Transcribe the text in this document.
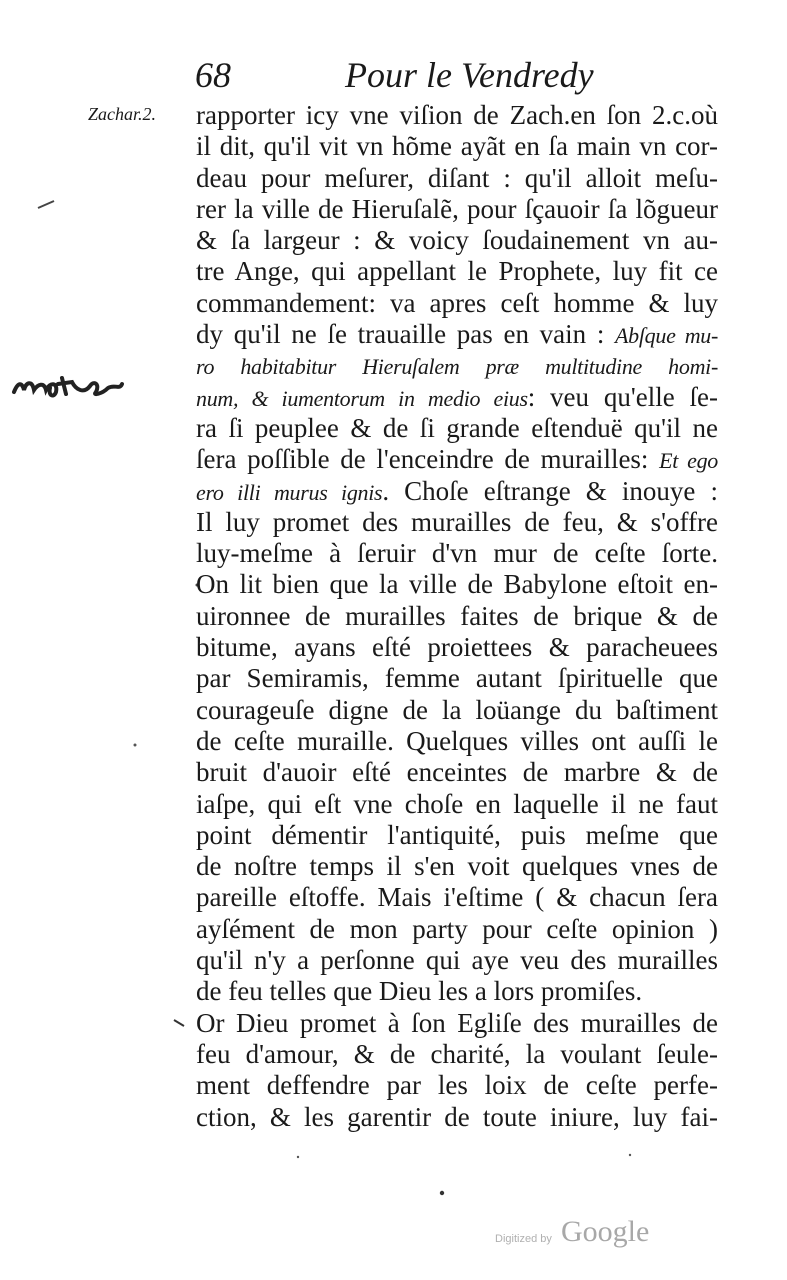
68	Pour le Vendredy
Zachar.2. rapporter icy vne viſion de Zach.en ſon 2.c.où
il dit, qu'il vit vn hõme ayãt en ſa main vn cor-
deau pour meſurer, diſant : qu'il alloit meſu-
rer la ville de Hieruſalẽ, pour ſçauoir ſa lõgueur
& ſa largeur : & voicy ſoudainement vn au-
tre Ange, qui appellant le Prophete, luy fit ce
commandement: va apres ceſt homme & luy
dy qu'il ne ſe trauaille pas en vain : Abſque mu-
ro habitabitur Hieruſalem præ multitudine homi-
num, & iumentorum in medio eius: veu qu'elle ſe-
ra ſi peuplee & de ſi grande eſtenduë qu'il ne
ſera poſſible de l'enceindre de murailles: Et ego
ero illi murus ignis. Choſe eſtrange & inouye :
Il luy promet des murailles de feu, & s'offre
luy-meſme à ſeruir d'vn mur de ceſte ſorte.
On lit bien que la ville de Babylone eſtoit en-
uironnee de murailles faites de brique & de
bitume, ayans eſté proiettees & paracheuees
par Semiramis, femme autant ſpirituelle que
courageuſe digne de la loüange du baſtiment
de ceſte muraille. Quelques villes ont auſſi le
bruit d'auoir eſté enceintes de marbre & de
iaſpe, qui eſt vne choſe en laquelle il ne faut
point démentir l'antiquité, puis meſme que
de noſtre temps il s'en voit quelques vnes de
pareille eſtoffe. Mais i'eſtime ( & chacun ſera
ayſément de mon party pour ceſte opinion )
qu'il n'y a perſonne qui aye veu des murailles
de feu telles que Dieu les a lors promiſes.
Or Dieu promet à ſon Egliſe des murailles de
feu d'amour, & de charité, la voulant ſeule-
ment deffendre par les loix de ceſte perfe-
ction, & les garentir de toute iniure, luy fai-
Digitized by Google
